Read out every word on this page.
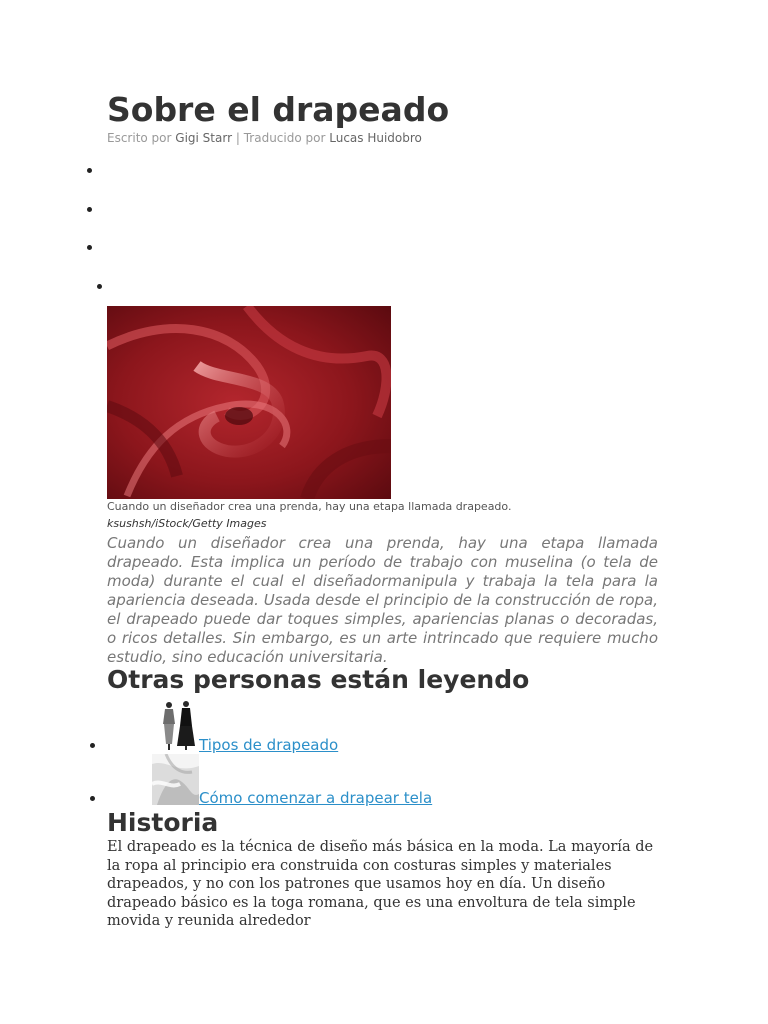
Sobre el drapeado
Escrito por Gigi Starr | Traducido por Lucas Huidobro
Cuando un diseñador crea una prenda, hay una etapa llamada drapeado.
ksushsh/iStock/Getty Images

Cuando un diseñador crea una prenda, hay una etapa llamada drapeado. Esta implica un período de trabajo con muselina (o tela de moda) durante el cual el diseñadormanipula y trabaja la tela para la apariencia deseada. Usada desde el principio de la construcción de ropa, el drapeado puede dar toques simples, apariencias planas o decoradas, o ricos detalles. Sin embargo, es un arte intrincado que requiere mucho estudio, sino educación universitaria.

Otras personas están leyendo
Tipos de drapeado
Cómo comenzar a drapear tela
Historia

El drapeado es la técnica de diseño más básica en la moda. La mayoría de la ropa al principio era construida con costuras simples y materiales drapeados, y no con los patrones que usamos hoy en día. Un diseño drapeado básico es la toga romana, que es una envoltura de tela simple movida y reunida alrededor
